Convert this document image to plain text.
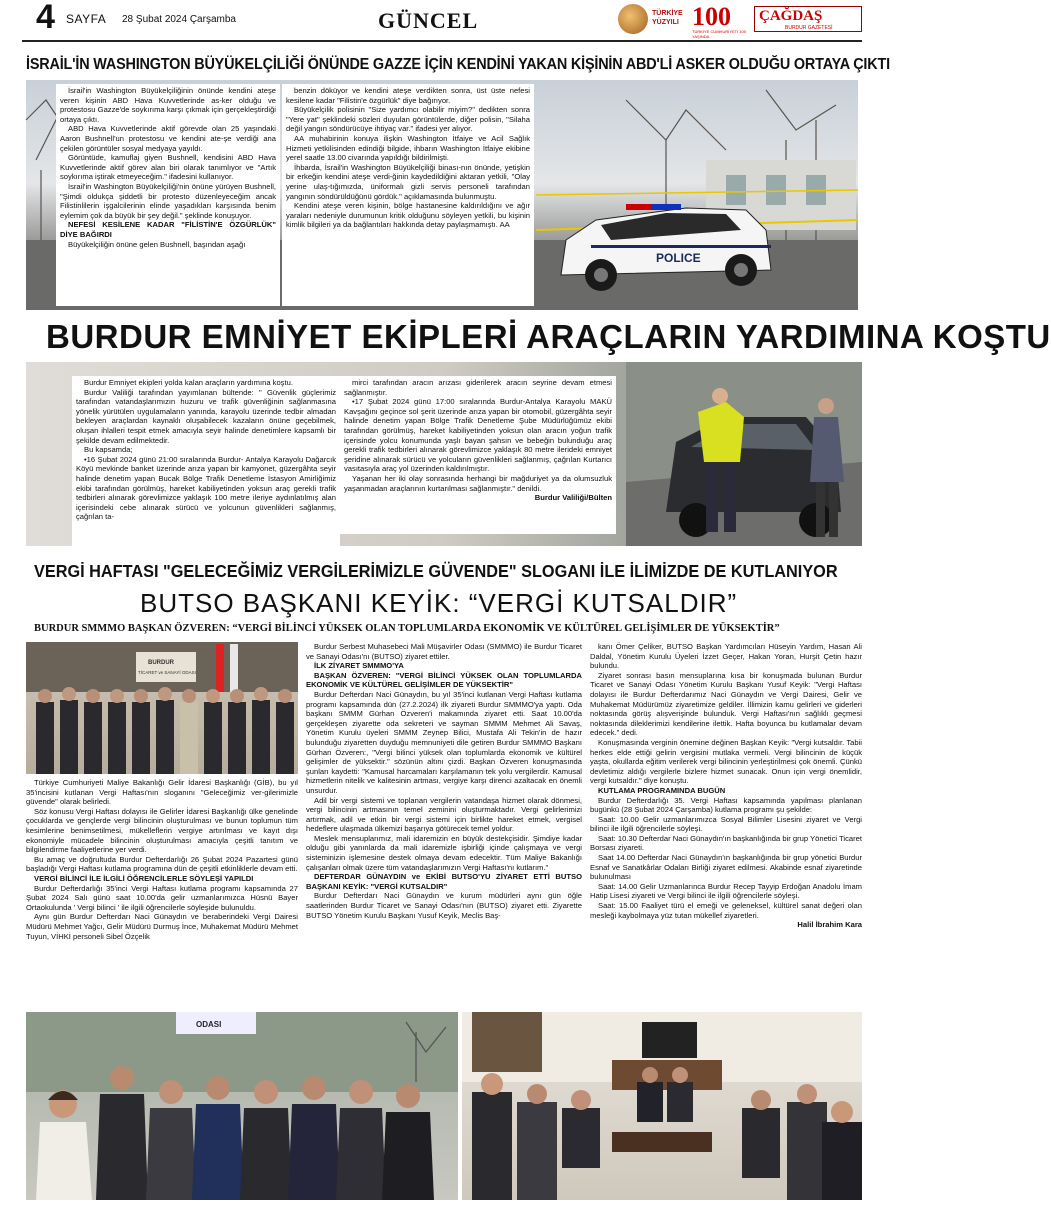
4 SAYFA 28 Şubat 2024 Çarşamba	GÜNCEL	TÜRKİYE YÜZYILI 100
TÜRKİYE CUMHURİYETİ 100 YAŞINDA
ÇAĞDAŞ
BURDUR GAZETESİ
İSRAİL'İN WASHINGTON BÜYÜKELÇİLİĞİ ÖNÜNDE GAZZE İÇİN KENDİNİ YAKAN KİŞİNİN ABD'Lİ ASKER OLDUĞU ORTAYA ÇIKTI
POLICE

İsrail'in Washington Büyükelçiliğinin önünde kendini ateşe veren kişinin ABD Hava Kuvvetlerinde as-ker olduğu ve protestosu Gazze'de soykırıma karşı çıkmak için gerçekleştirdiği ortaya çıktı.

ABD Hava Kuvvetlerinde aktif görevde olan 25 yaşındaki Aaron Bushnell'un protestosu ve kendini ate-şe verdiği ana çekilen görüntüler sosyal medyaya yayıldı.

Görüntüde, kamuflaj giyen Bushnell, kendisini ABD Hava Kuvvetlerinde aktif görev alan biri olarak tanımlıyor ve "Artık soykırıma iştirak etmeyeceğim." ifadesini kullanıyor.

İsrail'in Washington Büyükelçiliği'nin önüne yürüyen Bushnell, "Şimdi oldukça şiddetli bir protesto düzenleyeceğim ancak Filistinlilerin işgalcilerinin elinde yaşadıkları karşısında benim eylemim çok da büyük bir şey değil." şeklinde konuşuyor.

NEFESİ KESİLENE KADAR "FİLİSTİN'E ÖZGÜRLÜK" DİYE BAĞIRDI

Büyükelçiliğin önüne gelen Bushnell, başından aşağı

benzin döküyor ve kendini ateşe verdikten sonra, üst üste nefesi kesilene kadar "Filistin'e özgürlük" diye bağırıyor.

Büyükelçilik polisinin "Size yardımcı olabilir miyim?" dedikten sonra "Yere yat" şeklindeki sözleri duyulan görüntülerde, diğer polisin, "Silaha değil yangın söndürücüye ihtiyaç var." ifadesi yer alıyor.

AA muhabirinin konuya ilişkin Washington İtfaiye ve Acil Sağlık Hizmeti yetkilisinden edindiği bilgide, ihbarın Washington İtfaiye ekibine yerel saatle 13.00 civarında yapıldığı bildirilmişti.

İhbarda, İsrail'in Washington Büyükelçiliği binası-nın önünde, yetişkin bir erkeğin kendini ateşe verdi-ğinin kaydedildiğini aktaran yetkili, "Olay yerine ulaş-tığımızda, üniformalı gizli servis personeli tarafından yangının söndürüldüğünü gördük." açıklamasında bulunmuştu.

Kendini ateşe veren kişinin, bölge hastanesine kaldırıldığını ve ağır yaraları nedeniyle durumunun kritik olduğunu söyleyen yetkili, bu kişinin kimlik bilgileri ya da bağlantıları hakkında detay paylaşmamıştı. AA

BURDUR EMNİYET EKİPLERİ ARAÇLARIN YARDIMINA KOŞTU

Burdur Emniyet ekipleri yolda kalan araçların yardımına koştu.

Burdur Valiliği tarafından yayımlanan bültende: " Güvenlik güçlerimiz tarafından vatandaşlarımızın huzuru ve trafik güvenliğinin sağlanmasına yönelik yürütülen uygulamaların yanında, karayolu üzerinde tedbir almadan bekleyen araçlardan kaynaklı oluşabilecek kazaların önüne geçebilmek, oluşan ihlalleri tespit etmek amacıyla seyir halinde denetimlere kapsamlı bir şekilde devam edilmektedir.

Bu kapsamda;

•16 Şubat 2024 günü 21:00 sıralarında Burdur- Antalya Karayolu Dağarcık Köyü mevkinde banket üzerinde arıza yapan bir kamyonet, güzergâhta seyir halinde denetim yapan Bucak Bölge Trafik Denetleme İstasyon Amirliğimiz ekibi tarafından görülmüş, hareket kabiliyetinden yoksun araç gerekli trafik tedbirleri alınarak görevlimizce yaklaşık 100 metre ileriye aydınlatılmış alan içerisindeki cebe alınarak sürücü ve yolcunun güvenlikleri sağlanmış, çağrılan ta-

mirci tarafından aracın arızası giderilerek aracın seyrine devam etmesi sağlanmıştır.

•17 Şubat 2024 günü 17:00 sıralarında Burdur-Antalya Karayolu MAKÜ Kavşağını geçince sol şerit üzerinde arıza yapan bir otomobil, güzergâhta seyir halinde denetim yapan Bölge Trafik Denetleme Şube Müdürlüğümüz ekibi tarafından görülmüş, hareket kabiliyetinden yoksun olan aracın yoğun trafik içerisinde yolcu konumunda yaşlı bayan şahsın ve bebeğin bulunduğu araç gerekli trafik tedbirleri alınarak görevlimizce yaklaşık 80 metre ilerideki emniyet şeridine alınarak sürücü ve yolcuların güvenlikleri sağlanmış, çağrılan Kurtarıcı vasıtasıyla araç yol üzerinden kaldırılmıştır.

Yaşanan her iki olay sonrasında herhangi bir mağduriyet ya da olumsuzluk yaşanmadan araçlarının kurtarılması sağlanmıştır." denildi.

Burdur Valiliği/Bülten

VERGİ HAFTASI "GELECEĞİMİZ VERGİLERİMİZLE GÜVENDE" SLOGANI İLE İLİMİZDE DE KUTLANIYOR
BUTSO BAŞKANI KEYİK: “VERGİ KUTSALDIR”
BURDUR SMMMO BAŞKAN ÖZVEREN: “VERGİ BİLİNCİ YÜKSEK OLAN TOPLUMLARDA EKONOMİK VE KÜLTÜREL GELİŞİMLER DE YÜKSEKTİR”
BURDUR
TİCARET ve SANAYİ ODASI

Türkiye Cumhuriyeti Maliye Bakanlığı Gelir İdaresi Başkanlığı (GİB), bu yıl 35'incisini kutlanan Vergi Haftası'nın sloganını "Geleceğimiz ver-gilerimizle güvende" olarak belirledi.

Söz konusu Vergi Haftası dolayısı ile Gelirler İdaresi Başkanlığı ülke genelinde çocuklarda ve gençlerde vergi bilincinin oluşturulması ve bunun toplumun tüm kesimlerine benimsetilmesi, mükelleflerin vergiye artırılması ve kayıt dışı ekonomiyle mücadele bilincinin oluşturulması amacıyla çeşitli tanıtım ve bilgilendirme faaliyetlerine yer verdi.

Bu amaç ve doğrultuda Burdur Defterdarlığı 26 Şubat 2024 Pazartesi günü başladığı Vergi Haftası kutlama programına dün de çeşitli etkinliklerle devam etti.

VERGİ BİLİNCİ İLE İLGİLİ ÖĞRENCİLERLE SÖYLEŞİ YAPILDI

Burdur Defterdarlığı 35'inci Vergi Haftası kutlama programı kapsamında 27 Şubat 2024 Salı günü saat 10.00'da gelir uzmanlarımızca Hüsnü Bayer Ortaokulunda ' Vergi bilinci ' ile ilgili öğrencilerle söyleşide bulunuldu.

Aynı gün Burdur Defterdarı Naci Günaydın ve beraberindeki Vergi Dairesi Müdürü Mehmet Yağcı, Gelir Müdürü Durmuş İnce, Muhakemat Müdürü Mehmet Tuyun, VİHKİ personeli Sibel Özçelik

Burdur Serbest Muhasebeci Mali Müşavirler Odası (SMMMO) ile Burdur Ticaret ve Sanayi Odası'nı (BUTSO) ziyaret ettiler.

İLK ZİYARET SMMMO'YA

BAŞKAN ÖZVEREN: "VERGİ BİLİNCİ YÜKSEK OLAN TOPLUMLARDA EKONOMİK VE KÜLTÜREL GELİŞİMLER DE YÜKSEKTİR"

Burdur Defterdarı Naci Günaydın, bu yıl 35'inci kutlanan Vergi Haftası kutlama programı kapsamında dün (27.2.2024) ilk ziyareti Burdur SMMMO'ya yaptı. Oda başkanı SMMM Gürhan Özveren'i makamında ziyaret etti. Saat 10.00'da gerçekleşen ziyarette oda sekreteri ve sayman SMMM Mehmet Ali Savaş, Yönetim Kurulu üyeleri SMMM Zeynep Bilici, Mustafa Ali Tekin'in de hazır bulunduğu ziyaretten duyduğu memnuniyeti dile getiren Burdur SMMMO Başkanı Gürhan Özveren:, "Vergi bilinci yüksek olan toplumlarda ekonomik ve kültürel gelişimler de yüksektir." sözünün altını çizdi. Başkan Özveren konuşmasında şunları kaydetti: "Kamusal harcamaları karşılamanın tek yolu vergilerdir. Kamusal hizmetlerin nitelik ve kalitesinin artması, vergiye karşı direnci azaltacak en önemli unsurdur.

Adil bir vergi sistemi ve toplanan vergilerin vatandaşa hizmet olarak dönmesi, vergi bilincinin artmasının temel zeminini oluşturmaktadır. Vergi gelirlerimizi artırmak, adil ve etkin bir vergi sistemi için birlikte hareket etmek, vergisel hedeflere ulaşmada ülkemizi başarıya götürecek temel yoldur.

Meslek mensuplarımız, mali idaremizin en büyük destekçisidir. Şimdiye kadar olduğu gibi yanınlarda da mali idaremizle işbirliği içinde çalışmaya ve vergi sisteminizin işlemesine destek olmaya devam edecektir. Tüm Maliye Bakanlığı çalışanları olmak üzere tüm vatandaşlarımızın Vergi Haftası'nı kutlarım."

DEFTERDAR GÜNAYDIN ve EKİBİ BUTSO'YU ZİYARET ETTİ BUTSO BAŞKANI KEYİK: "VERGİ KUTSALDIR"

Burdur Defterdarı Naci Günaydın ve kurum müdürleri aynı gün öğle saatlerinden Burdur Ticaret ve Sanayi Odası'nın (BUTSO) ziyaret etti. Ziyarette BUTSO Yönetim Kurulu Başkanı Yusuf Keyik, Meclis Baş-

kanı Ömer Çeliker, BUTSO Başkan Yardımcıları Hüseyin Yardım, Hasan Ali Daldal, Yönetim Kurulu Üyeleri İzzet Geçer, Hakan Yoran, Hurşit Çetin hazır bulundu.

Ziyaret sonrası basın mensuplarına kısa bir konuşmada bulunan Burdur Ticaret ve Sanayi Odası Yönetim Kurulu Başkanı Yusuf Keyik: "Vergi Haftası dolayısı ile Burdur Defterdarımız Naci Günaydın ve Vergi Dairesi, Gelir ve Muhakemat Müdürümüz ziyaretimize geldiler. İllimizin kamu gelirleri ve giderleri noktasında görüş alışverişinde bulunduk. Vergi Haftası'nın sağlıklı geçmesi noktasında dileklerimizi kendilerine ilettik. Hafta boyunca bu kutlamalar devam edecek." dedi.

Konuşmasında verginin önemine değinen Başkan Keyik: "Vergi kutsaldır. Tabii herkes elde ettiği gelirin vergisini mutlaka vermeli. Vergi bilincinin de küçük yaşta, okullarda eğitim verilerek vergi bilincinin yerleştirilmesi çok önemli. Çünkü devletimiz aldığı vergilerle bizlere hizmet sunacak. Onun için vergi önemlidir, vergi kutsaldır." diye konuştu.

KUTLAMA PROGRAMINDA BUGÜN

Burdur Defterdarlığı 35. Vergi Haftası kapsamında yapılması planlanan bugünkü (28 Şubat 2024 Çarşamba) kutlama programı şu şekilde:

Saat: 10.00 Gelir uzmanlarımızca Sosyal Bilimler Lisesini ziyaret ve Vergi bilinci ile ilgili öğrencilerle söyleşi.

Saat: 10.30 Defterdar Naci Günaydın'ın başkanlığında bir grup Yönetici Ticaret Borsası ziyareti.

Saat 14.00 Defterdar Naci Günaydın'ın başkanlığında bir grup yönetici Burdur Esnaf ve Sanatkârlar Odaları Birliği ziyaret edilmesi. Akabinde esnaf ziyaretinde bulunulması

Saat: 14.00 Gelir Uzmanlarınca Burdur Recep Tayyip Erdoğan Anadolu İmam Hatip Lisesi ziyareti ve Vergi bilinci ile ilgili öğrencilerle söyleşi.

Saat: 15.00 Faaliyet türü el emeği ve geleneksel, kültürel sanat değeri olan mesleği kaybolmaya yüz tutan mükellef ziyaretleri.

Halil İbrahim Kara

ODASI
